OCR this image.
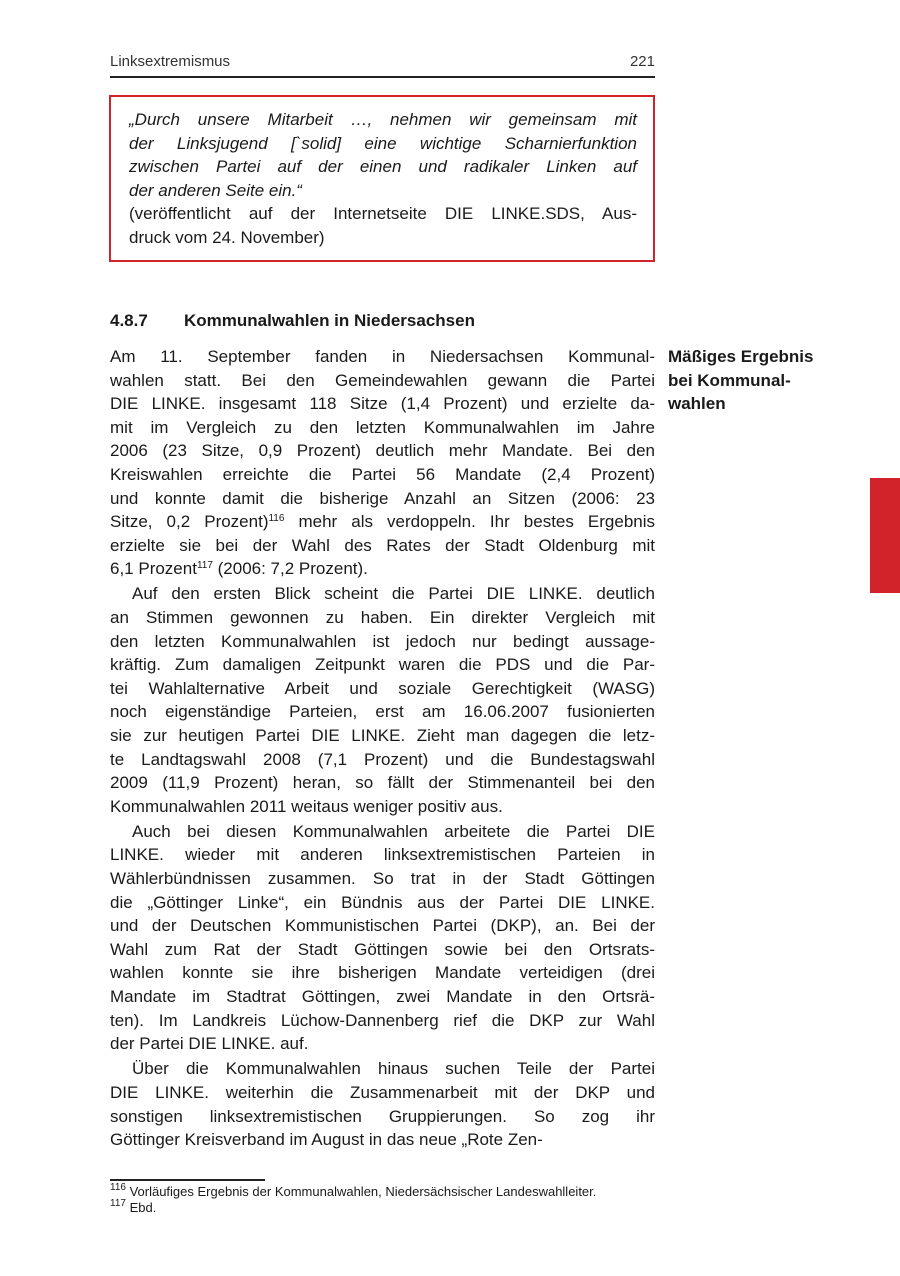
Linksextremismus	221
„Durch unsere Mitarbeit …, nehmen wir gemeinsam mit
der Linksjugend [`solid] eine wichtige Scharnierfunktion
zwischen Partei auf der einen und radikaler Linken auf
der anderen Seite ein.“
(veröffentlicht auf der Internetseite DIE LINKE.SDS, Aus-
druck vom 24. November)
4.8.7 Kommunalwahlen in Niedersachsen
Mäßiges Ergebnis
bei Kommunal-
wahlen
Am 11. September fanden in Niedersachsen Kommunal-
wahlen statt. Bei den Gemeindewahlen gewann die Partei
DIE LINKE. insgesamt 118 Sitze (1,4 Prozent) und erzielte da-
mit im Vergleich zu den letzten Kommunalwahlen im Jahre
2006 (23 Sitze, 0,9 Prozent) deutlich mehr Mandate. Bei den
Kreiswahlen erreichte die Partei 56 Mandate (2,4 Prozent)
und konnte damit die bisherige Anzahl an Sitzen (2006: 23
Sitze, 0,2 Prozent)$^{116}$ mehr als verdoppeln. Ihr bestes Ergebnis
erzielte sie bei der Wahl des Rates der Stadt Oldenburg mit
6,1 Prozent$^{117}$ (2006: 7,2 Prozent).
Auf den ersten Blick scheint die Partei DIE LINKE. deutlich
an Stimmen gewonnen zu haben. Ein direkter Vergleich mit
den letzten Kommunalwahlen ist jedoch nur bedingt aussage-
kräftig. Zum damaligen Zeitpunkt waren die PDS und die Par-
tei Wahlalternative Arbeit und soziale Gerechtigkeit (WASG)
noch eigenständige Parteien, erst am 16.06.2007 fusionierten
sie zur heutigen Partei DIE LINKE. Zieht man dagegen die letz-
te Landtagswahl 2008 (7,1 Prozent) und die Bundestagswahl
2009 (11,9 Prozent) heran, so fällt der Stimmenanteil bei den
Kommunalwahlen 2011 weitaus weniger positiv aus.
Auch bei diesen Kommunalwahlen arbeitete die Partei DIE
LINKE. wieder mit anderen linksextremistischen Parteien in
Wählerbündnissen zusammen. So trat in der Stadt Göttingen
die „Göttinger Linke“, ein Bündnis aus der Partei DIE LINKE.
und der Deutschen Kommunistischen Partei (DKP), an. Bei der
Wahl zum Rat der Stadt Göttingen sowie bei den Ortsrats-
wahlen konnte sie ihre bisherigen Mandate verteidigen (drei
Mandate im Stadtrat Göttingen, zwei Mandate in den Ortsrä-
ten). Im Landkreis Lüchow-Dannenberg rief die DKP zur Wahl
der Partei DIE LINKE. auf.
Über die Kommunalwahlen hinaus suchen Teile der Partei
DIE LINKE. weiterhin die Zusammenarbeit mit der DKP und
sonstigen linksextremistischen Gruppierungen. So zog ihr
Göttinger Kreisverband im August in das neue „Rote Zen-
$^{116}$ Vorläufiges Ergebnis der Kommunalwahlen, Niedersächsischer Landeswahlleiter.
$^{117}$ Ebd.
